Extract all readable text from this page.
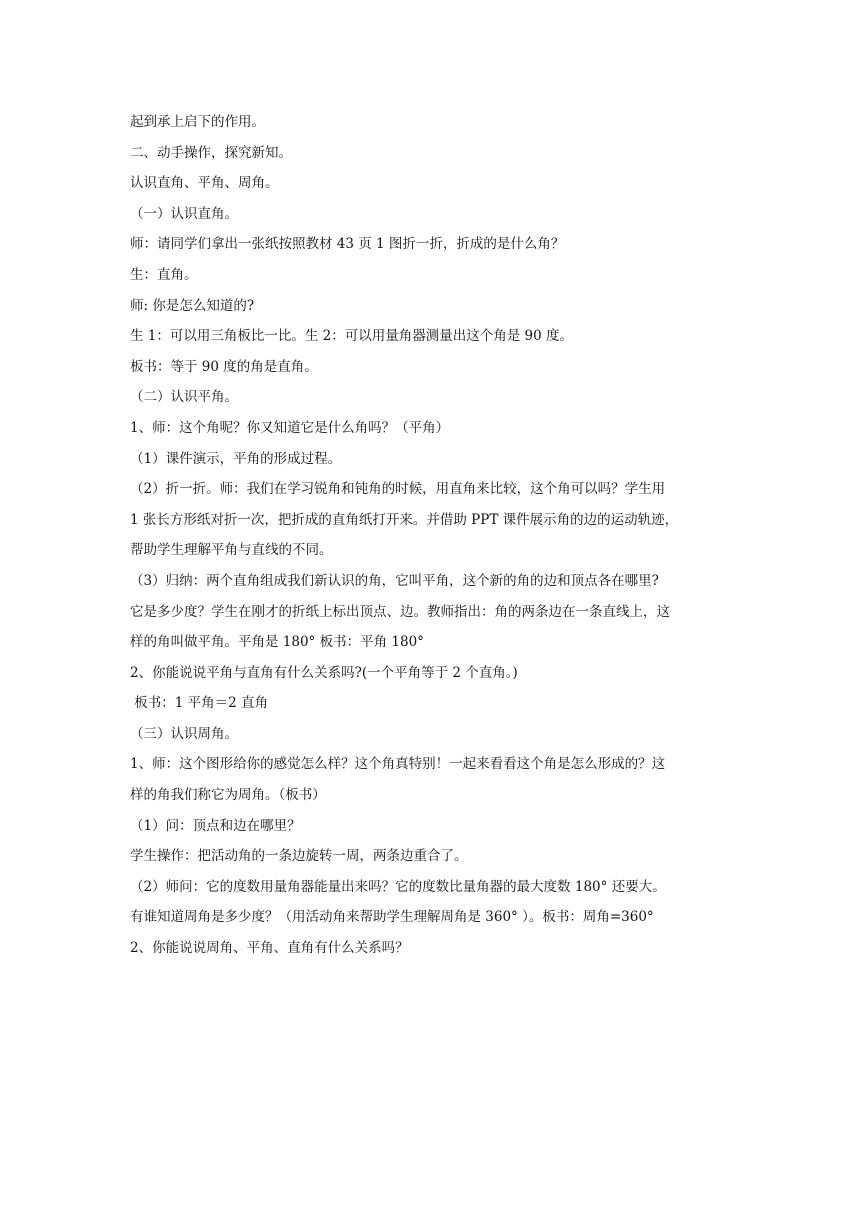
起到承上启下的作用。
二、动手操作，探究新知。
认识直角、平角、周角。
（一）认识直角。
师：请同学们拿出一张纸按照教材 43 页 1 图折一折，折成的是什么角？
生：直角。
师: 你是怎么知道的?
生 1：可以用三角板比一比。生 2：可以用量角器测量出这个角是 90 度。
板书：等于 90 度的角是直角。
（二）认识平角。
1、师：这个角呢？你又知道它是什么角吗？（平角）
（1）课件演示，平角的形成过程。
（2）折一折。师：我们在学习锐角和钝角的时候，用直角来比较，这个角可以吗？学生用
1 张长方形纸对折一次，把折成的直角纸打开来。并借助 PPT 课件展示角的边的运动轨迹，
帮助学生理解平角与直线的不同。
（3）归纳：两个直角组成我们新认识的角，它叫平角，这个新的角的边和顶点各在哪里?
它是多少度？学生在刚才的折纸上标出顶点、边。教师指出：角的两条边在一条直线上，这
样的角叫做平角。平角是 180° 板书：平角 180°
2、你能说说平角与直角有什么关系吗?(一个平角等于 2 个直角。)
板书：1 平角＝2 直角
（三）认识周角。
1、师：这个图形给你的感觉怎么样？这个角真特别！一起来看看这个角是怎么形成的？这
样的角我们称它为周角。（板书）
（1）问：顶点和边在哪里？
学生操作：把活动角的一条边旋转一周，两条边重合了。
（2）师问：它的度数用量角器能量出来吗？它的度数比量角器的最大度数 180° 还要大。
有谁知道周角是多少度？（用活动角来帮助学生理解周角是 360° ）。板书：周角=360°
2、你能说说周角、平角、直角有什么关系吗？
